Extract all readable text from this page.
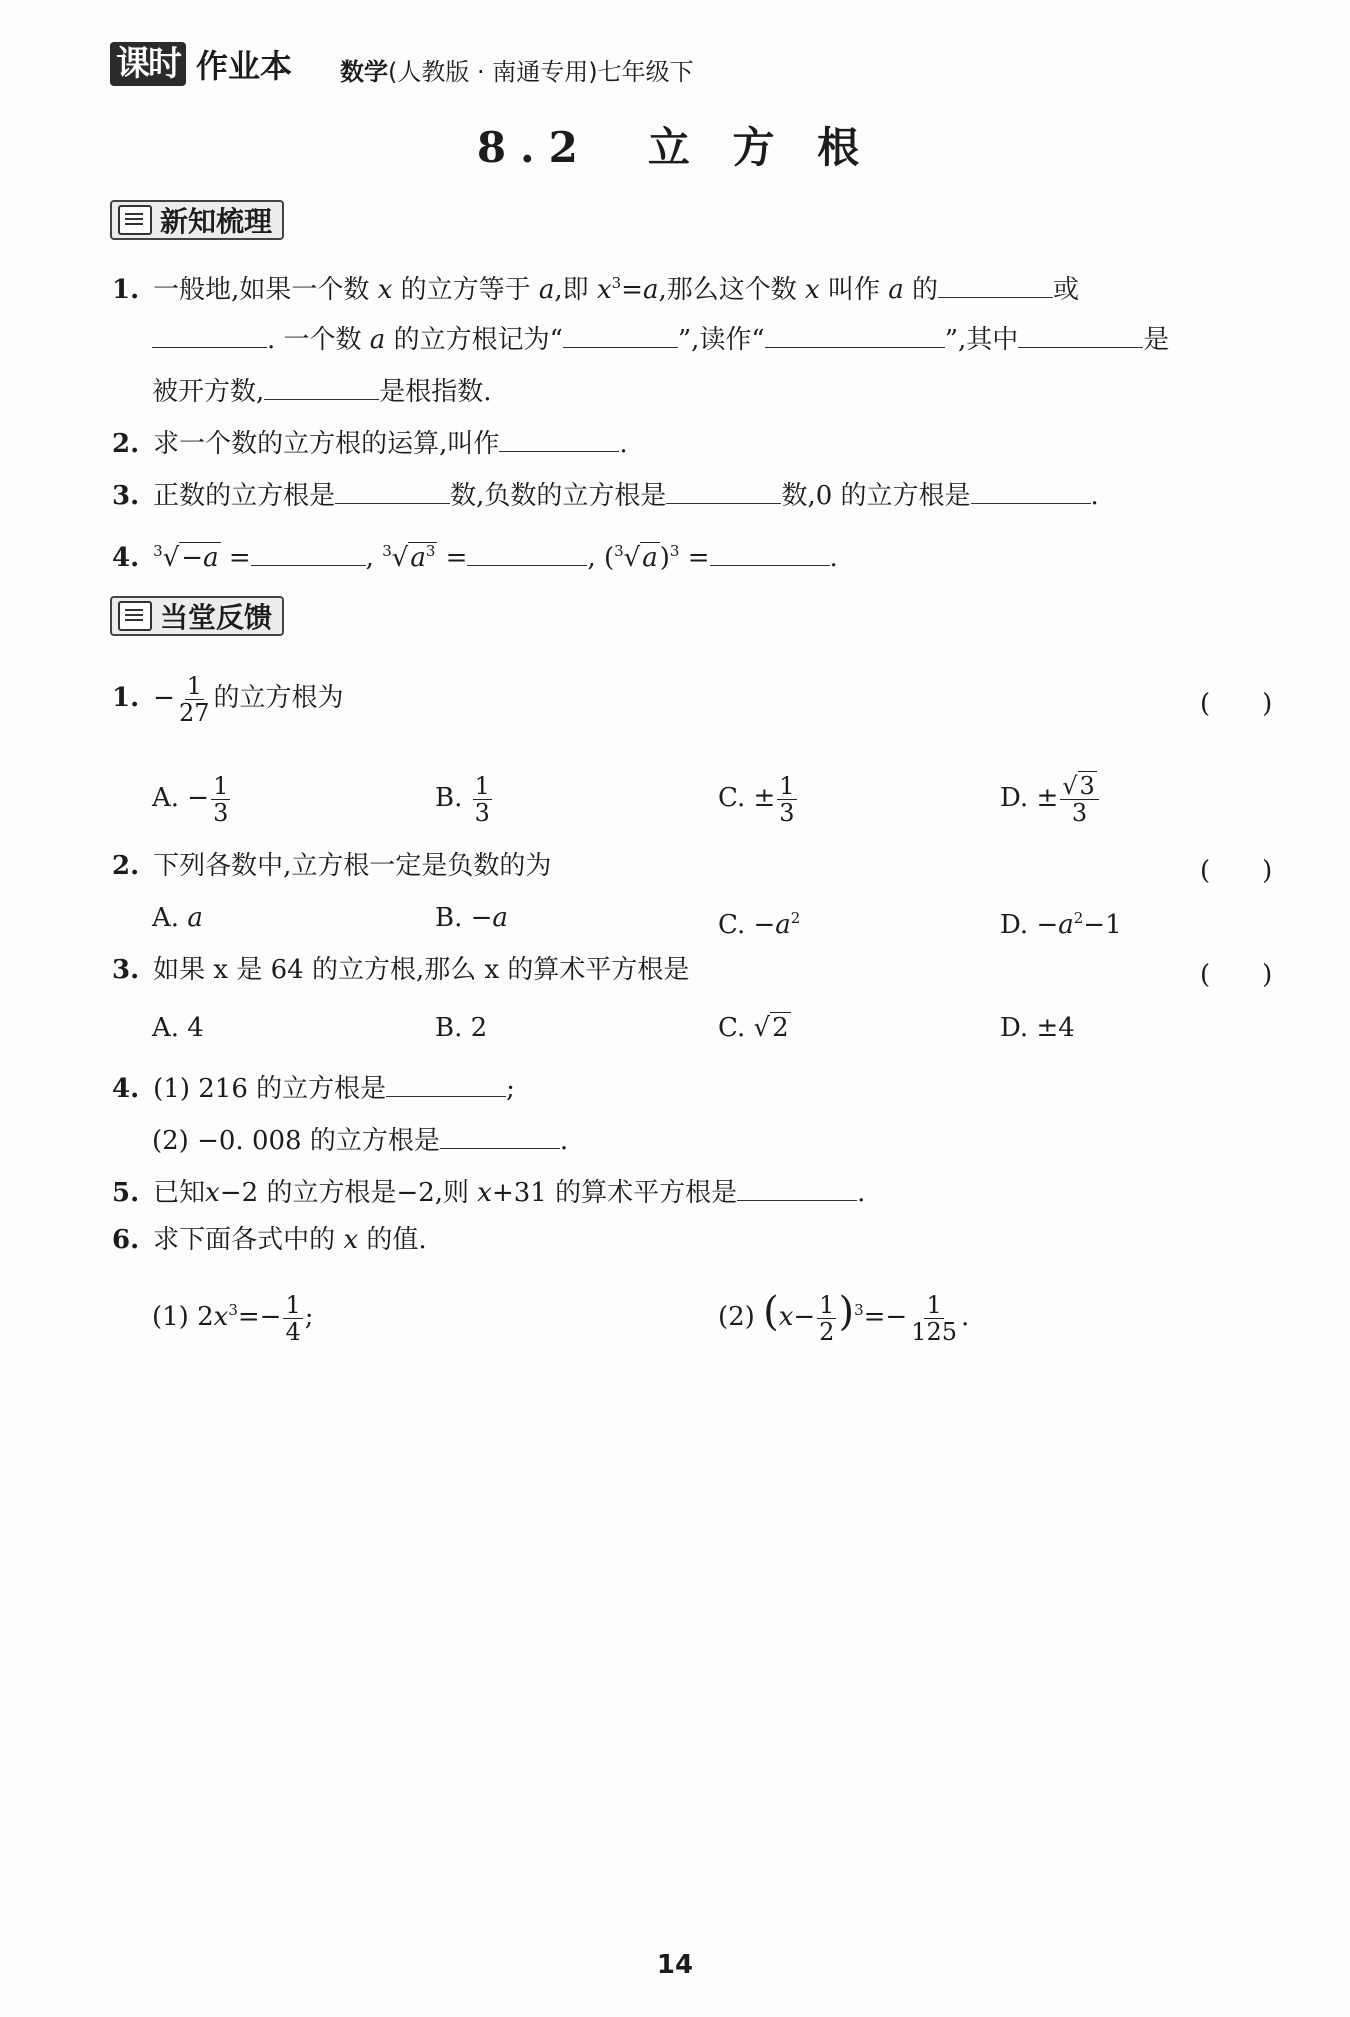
课时 作业本 数学(人教版 · 南通专用)七年级下
8.2　立 方 根
新知梳理
1. 一般地,如果一个数 x 的立方等于 a,即 $x^3=a$,那么这个数 x 叫作 a 的	或
. 一个数 a 的立方根记为“	”,读作“	”,其中	是
被开方数,	是根指数.
2. 求一个数的立方根的运算,叫作	.
3. 正数的立方根是	数,负数的立方根是	数,0 的立方根是	.
4. $^3$√−a =	, $^3√a^3$ =	, $(^3√a)^3$ =	.
当堂反馈
1. − $\frac{1}{27}$ 的立方根为	(　　)
A. − $\frac{1}{3}$	B. $\frac{1}{3}$	C. ± $\frac{1}{3}$	D. ± $\frac{√3}{3}$
2. 下列各数中,立方根一定是负数的为	(　　)
A. a	B. −a	C. $-a^2$	D. $-a^2-1$
3. 如果 x 是 64 的立方根,那么 x 的算术平方根是	(　　)
A. 4	B. 2	C. √2	D. ±4
4. (1) 216 的立方根是	;
(2) −0. 008 的立方根是	.
5. 已知x−2 的立方根是−2,则 x+31 的算术平方根是	.
6. 求下面各式中的 x 的值.
(1) $2x^3=- \frac{1}{4}$ ;	(2) $(x- \frac{1}{2} )^3=- \frac{1}{125}$ .
14
